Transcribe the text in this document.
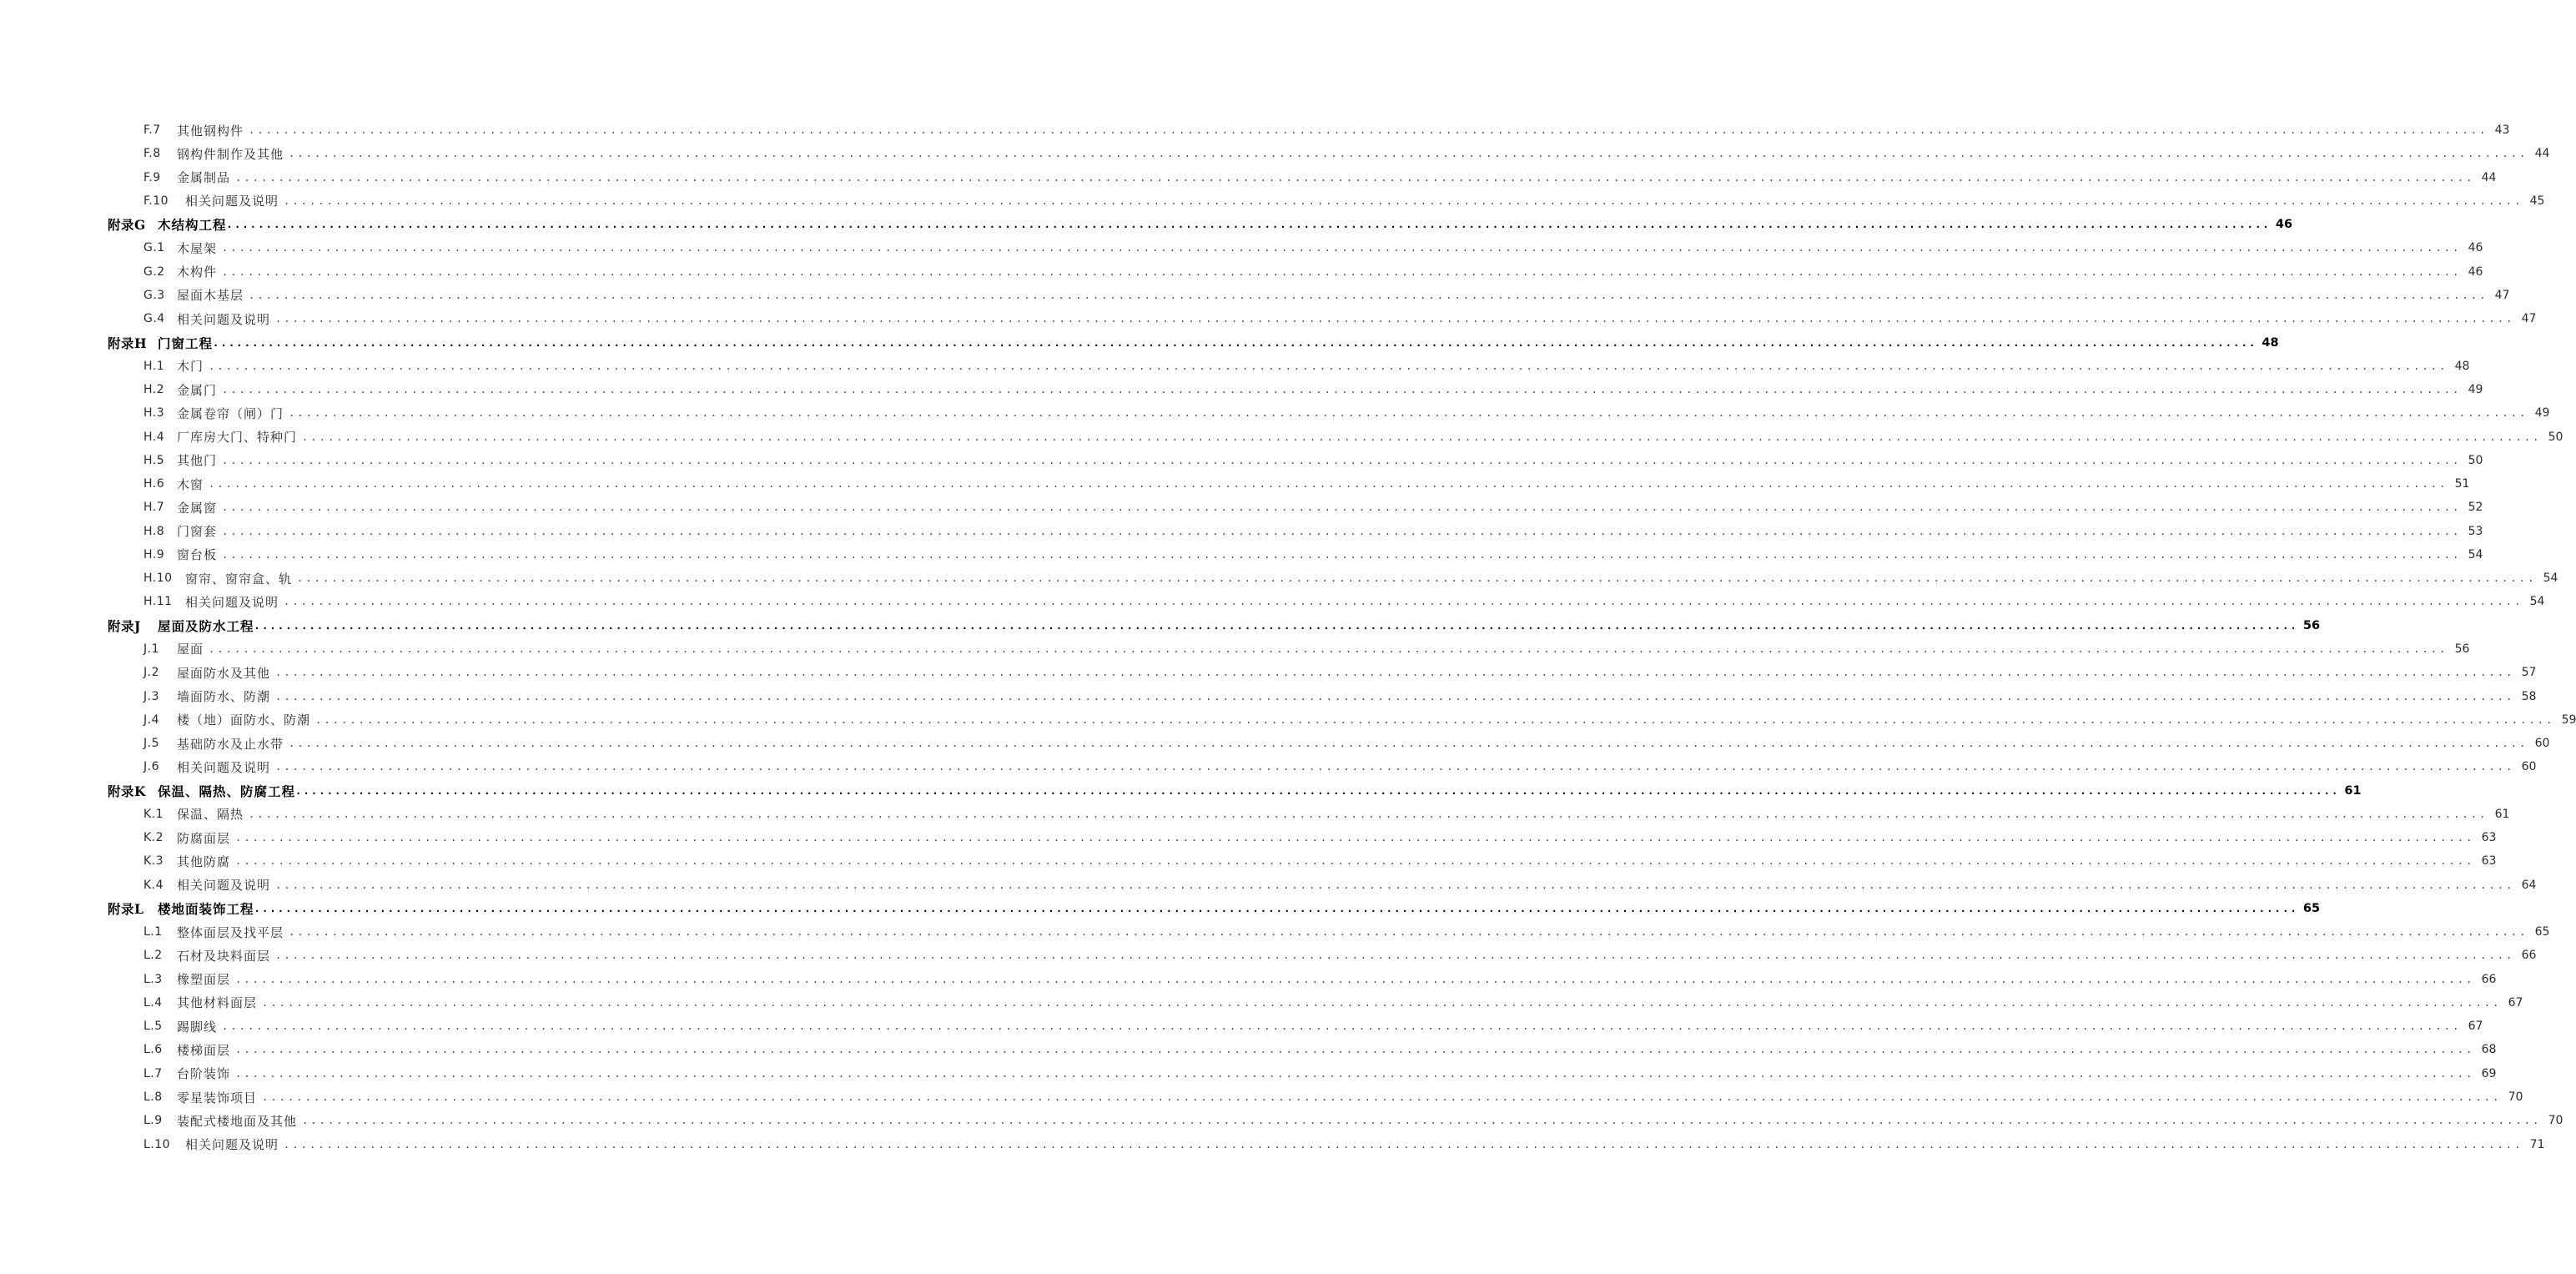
F.7	其他钢构件 .................................................................................................................................................................................................................................................................... 43
F.8	钢构件制作及其他 .................................................................................................................................................................................................................................................................... 44
F.9	金属制品 .................................................................................................................................................................................................................................................................... 44
F.10	相关问题及说明 .................................................................................................................................................................................................................................................................... 45
附录G 木结构工程 .................................................................................................................................................................................................................................................................... 46
G.1 木屋架 .................................................................................................................................................................................................................................................................... 46
G.2 木构件 .................................................................................................................................................................................................................................................................... 46
G.3 屋面木基层 .................................................................................................................................................................................................................................................................... 47
G.4 相关问题及说明 .................................................................................................................................................................................................................................................................... 47
附录H 门窗工程 .................................................................................................................................................................................................................................................................... 48
H.1 木门 .................................................................................................................................................................................................................................................................... 48
H.2 金属门 .................................................................................................................................................................................................................................................................... 49
H.3 金属卷帘（闸）门 .................................................................................................................................................................................................................................................................... 49
H.4 厂库房大门、特种门 .................................................................................................................................................................................................................................................................... 50
H.5 其他门 .................................................................................................................................................................................................................................................................... 50
H.6 木窗 .................................................................................................................................................................................................................................................................... 51
H.7 金属窗 .................................................................................................................................................................................................................................................................... 52
H.8 门窗套 .................................................................................................................................................................................................................................................................... 53
H.9 窗台板 .................................................................................................................................................................................................................................................................... 54
H.10	窗帘、窗帘盒、轨 .................................................................................................................................................................................................................................................................... 54
H.11	相关问题及说明 .................................................................................................................................................................................................................................................................... 54
附录J	屋面及防水工程 .................................................................................................................................................................................................................................................................... 56
J.1	屋面 .................................................................................................................................................................................................................................................................... 56
J.2	屋面防水及其他 .................................................................................................................................................................................................................................................................... 57
J.3	墙面防水、防潮 .................................................................................................................................................................................................................................................................... 58
J.4	楼（地）面防水、防潮 .................................................................................................................................................................................................................................................................... 59
J.5	基础防水及止水带 .................................................................................................................................................................................................................................................................... 60
J.6	相关问题及说明 .................................................................................................................................................................................................................................................................... 60
附录K 保温、隔热、防腐工程 .................................................................................................................................................................................................................................................................... 61
K.1	保温、隔热 .................................................................................................................................................................................................................................................................... 61
K.2	防腐面层 .................................................................................................................................................................................................................................................................... 63
K.3	其他防腐 .................................................................................................................................................................................................................................................................... 63
K.4	相关问题及说明 .................................................................................................................................................................................................................................................................... 64
附录L	楼地面装饰工程 .................................................................................................................................................................................................................................................................... 65
L.1	整体面层及找平层 .................................................................................................................................................................................................................................................................... 65
L.2	石材及块料面层 .................................................................................................................................................................................................................................................................... 66
L.3	橡塑面层 .................................................................................................................................................................................................................................................................... 66
L.4	其他材料面层 .................................................................................................................................................................................................................................................................... 67
L.5	踢脚线 .................................................................................................................................................................................................................................................................... 67
L.6	楼梯面层 .................................................................................................................................................................................................................................................................... 68
L.7	台阶装饰 .................................................................................................................................................................................................................................................................... 69
L.8	零星装饰项目 .................................................................................................................................................................................................................................................................... 70
L.9	装配式楼地面及其他 .................................................................................................................................................................................................................................................................... 70
L.10	相关问题及说明 .................................................................................................................................................................................................................................................................... 71
